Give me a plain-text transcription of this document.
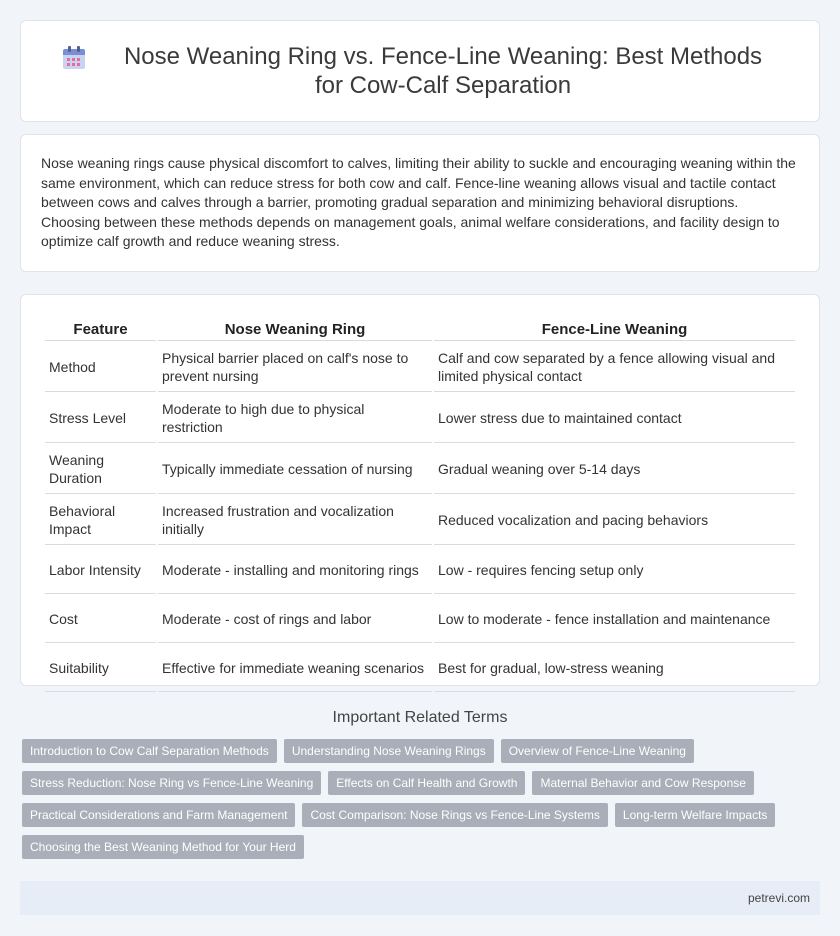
Nose Weaning Ring vs. Fence-Line Weaning: Best Methods for Cow-Calf Separation

Nose weaning rings cause physical discomfort to calves, limiting their ability to suckle and encouraging weaning within the same environment, which can reduce stress for both cow and calf. Fence-line weaning allows visual and tactile contact between cows and calves through a barrier, promoting gradual separation and minimizing behavioral disruptions. Choosing between these methods depends on management goals, animal welfare considerations, and facility design to optimize calf growth and reduce weaning stress.

Feature	Nose Weaning Ring	Fence-Line Weaning
Method	Physical barrier placed on calf's nose to prevent nursing	Calf and cow separated by a fence allowing visual and limited physical contact
Stress Level	Moderate to high due to physical restriction	Lower stress due to maintained contact
Weaning Duration	Typically immediate cessation of nursing	Gradual weaning over 5-14 days
Behavioral Impact	Increased frustration and vocalization initially	Reduced vocalization and pacing behaviors
Labor Intensity	Moderate - installing and monitoring rings	Low - requires fencing setup only
Cost	Moderate - cost of rings and labor	Low to moderate - fence installation and maintenance
Suitability	Effective for immediate weaning scenarios	Best for gradual, low-stress weaning
Important Related Terms
Introduction to Cow Calf Separation Methods	Understanding Nose Weaning Rings	Overview of Fence-Line Weaning
Stress Reduction: Nose Ring vs Fence-Line Weaning	Effects on Calf Health and Growth	Maternal Behavior and Cow Response
Practical Considerations and Farm Management	Cost Comparison: Nose Rings vs Fence-Line Systems	Long-term Welfare Impacts
Choosing the Best Weaning Method for Your Herd
petrevi.com
